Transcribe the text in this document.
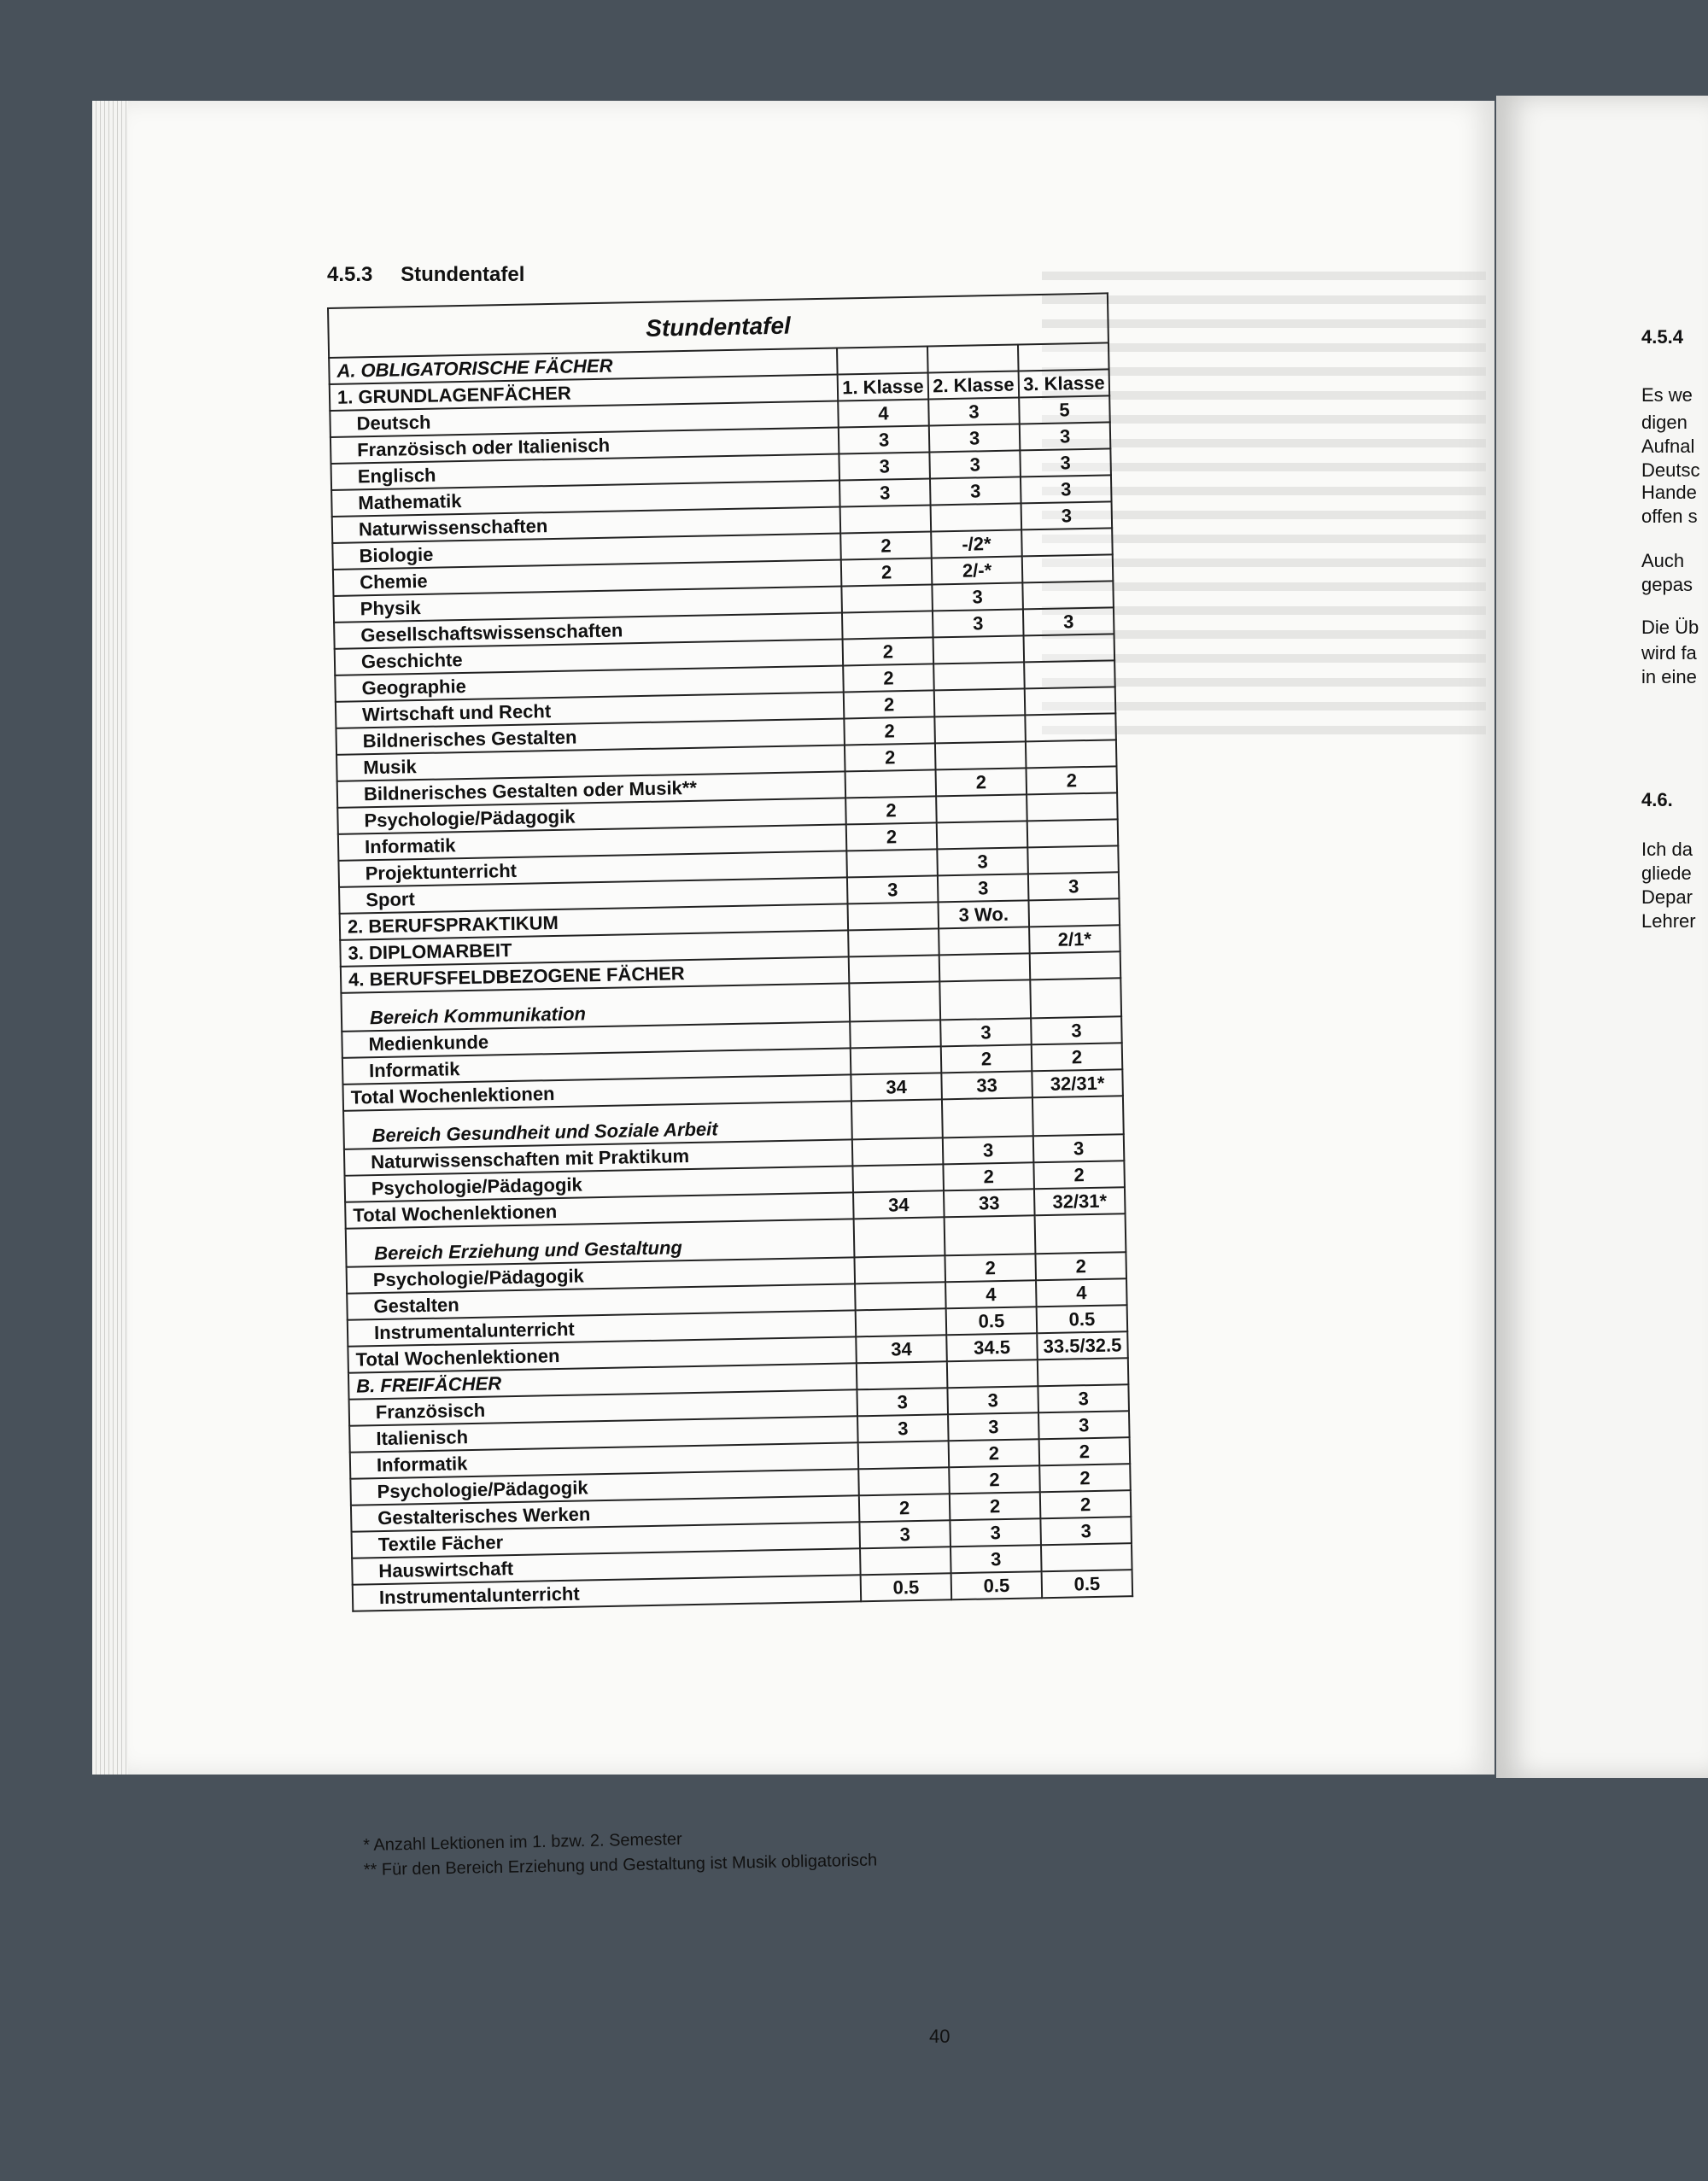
4.5.3 Stundentafel
Stundentafel
A. OBLIGATORISCHE FÄCHER			
1. GRUNDLAGENFÄCHER	1. Klasse	2. Klasse	3. Klasse
Deutsch	4	3	5
Französisch oder Italienisch	3	3	3
Englisch	3	3	3
Mathematik	3	3	3
Naturwissenschaften			3
Biologie	2	-/2*	
Chemie	2	2/-*	
Physik		3	
Gesellschaftswissenschaften		3	3
Geschichte	2		
Geographie	2		
Wirtschaft und Recht	2		
Bildnerisches Gestalten	2		
Musik	2		
Bildnerisches Gestalten oder Musik**		2	2
Psychologie/Pädagogik	2		
Informatik	2		
Projektunterricht		3	
Sport	3	3	3
2. BERUFSPRAKTIKUM		3 Wo.	
3. DIPLOMARBEIT			2/1*
4. BERUFSFELDBEZOGENE FÄCHER			
Bereich Kommunikation			
Medienkunde		3	3
Informatik		2	2
Total Wochenlektionen	34	33	32/31*
Bereich Gesundheit und Soziale Arbeit			
Naturwissenschaften mit Praktikum		3	3
Psychologie/Pädagogik		2	2
Total Wochenlektionen	34	33	32/31*
Bereich Erziehung und Gestaltung			
Psychologie/Pädagogik		2	2
Gestalten		4	4
Instrumentalunterricht		0.5	0.5
Total Wochenlektionen	34	34.5	33.5/32.5
B. FREIFÄCHER			
Französisch	3	3	3
Italienisch	3	3	3
Informatik		2	2
Psychologie/Pädagogik		2	2
Gestalterisches Werken	2	2	2
Textile Fächer	3	3	3
Hauswirtschaft		3	
Instrumentalunterricht	0.5	0.5	0.5
* Anzahl Lektionen im 1. bzw. 2. Semester
** Für den Bereich Erziehung und Gestaltung ist Musik obligatorisch
40
4.5.4
Es we
digen
Aufnal
Deutsc
Hande
offen s
Auch
gepas
Die Üb
wird fa
in eine
4.6.
Ich da
gliede
Depar
Lehrer
